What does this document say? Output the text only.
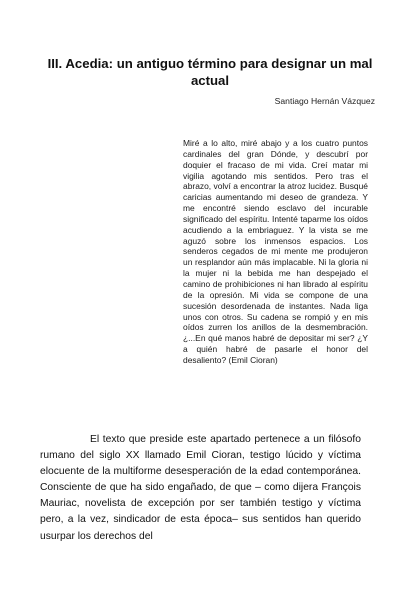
III. Acedia: un antiguo término para designar un mal actual

Santiago Hernán Vázquez

Miré a lo alto, miré abajo y a los cuatro puntos cardinales del gran Dónde, y descubrí por doquier el fracaso de mi vida. Creí matar mi vigilia agotando mis sentidos. Pero tras el abrazo, volví a encontrar la atroz lucidez. Busqué caricias aumentando mi deseo de grandeza. Y me encontré siendo esclavo del incurable significado del espíritu. Intenté taparme los oídos acudiendo a la embriaguez. Y la vista se me aguzó sobre los inmensos espacios. Los senderos cegados de mi mente me produjeron un resplandor aún más implacable. Ni la gloria ni la mujer ni la bebida me han despejado el camino de prohibiciones ni han librado al espíritu de la opresión. Mi vida se compone de una sucesión desordenada de instantes. Nada liga unos con otros. Su cadena se rompió y en mis oídos zurren los anillos de la desmembración. ¿...En qué manos habré de depositar mi ser? ¿Y a quién habré de pasarle el honor del desaliento? (Emil Cioran)

El texto que preside este apartado pertenece a un filósofo rumano del siglo XX llamado Emil Cioran, testigo lúcido y víctima elocuente de la multiforme desesperación de la edad contemporánea. Consciente de que ha sido engañado, de que – como dijera François Mauriac, novelista de excepción por ser también testigo y víctima pero, a la vez, sindicador de esta época– sus sentidos han querido usurpar los derechos del
